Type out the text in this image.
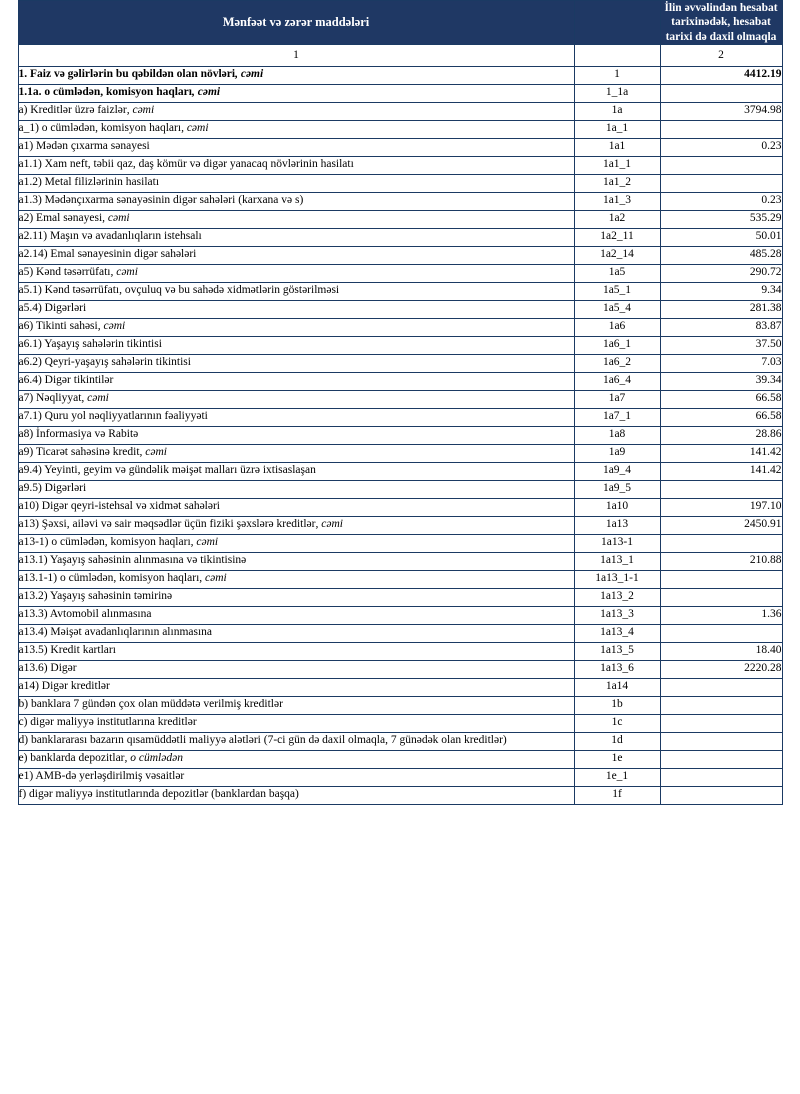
Mənfəət və zərər maddələri		İlin əvvəlindən hesabat tarixinədək, hesabat tarixi də daxil olmaqla
1		2
1. Faiz və gəlirlərin bu qəbildən olan növləri, cəmi	1	4412.19
1.1a. o cümlədən, komisyon haqları, cəmi	1_1a	
a) Kreditlər üzrə faizlər, cəmi	1a	3794.98
a_1) o cümlədən, komisyon haqları, cəmi	1a_1	
a1) Mədən çıxarma sənayesi	1a1	0.23
a1.1) Xam neft, təbii qaz, daş kömür və digər yanacaq növlərinin hasilatı	1a1_1	
a1.2) Metal filizlərinin hasilatı	1a1_2	
a1.3) Mədənçıxarma sənayəsinin digər sahələri (karxana və s)	1a1_3	0.23
a2) Emal sənayesi, cəmi	1a2	535.29
a2.11) Maşın və avadanlıqların istehsalı	1a2_11	50.01
a2.14) Emal sənayesinin digər sahələri	1a2_14	485.28
a5) Kənd təsərrüfatı, cəmi	1a5	290.72
a5.1) Kənd təsərrüfatı, ovçuluq və bu sahədə xidmətlərin göstərilməsi	1a5_1	9.34
a5.4) Digərləri	1a5_4	281.38
a6) Tikinti sahəsi, cəmi	1a6	83.87
a6.1) Yaşayış sahələrin tikintisi	1a6_1	37.50
a6.2) Qeyri-yaşayış sahələrin tikintisi	1a6_2	7.03
a6.4) Digər tikintilər	1a6_4	39.34
a7) Nəqliyyat, cəmi	1a7	66.58
a7.1) Quru yol nəqliyyatlarının fəaliyyəti	1a7_1	66.58
a8) İnformasiya və Rabitə	1a8	28.86
a9) Ticarət sahəsinə kredit, cəmi	1a9	141.42
a9.4) Yeyinti, geyim və gündəlik məişət malları üzrə ixtisaslaşan	1a9_4	141.42
a9.5) Digərləri	1a9_5	
a10) Digər qeyri-istehsal və xidmət sahələri	1a10	197.10
a13) Şəxsi, ailəvi və sair məqsədlər üçün fiziki şəxslərə kreditlər, cəmi	1a13	2450.91
a13-1) o cümlədən, komisyon haqları, cəmi	1a13-1	
a13.1) Yaşayış sahəsinin alınmasına və tikintisinə	1a13_1	210.88
a13.1-1) o cümlədən, komisyon haqları, cəmi	1a13_1-1	
a13.2) Yaşayış sahəsinin təmirinə	1a13_2	
a13.3) Avtomobil alınmasına	1a13_3	1.36
a13.4) Məişət avadanlıqlarının alınmasına	1a13_4	
a13.5) Kredit kartları	1a13_5	18.40
a13.6) Digər	1a13_6	2220.28
a14) Digər kreditlər	1a14	
b) banklara 7 gündən çox olan müddətə verilmiş kreditlər	1b	
c) digər maliyyə institutlarına kreditlər	1c	
d) banklararası bazarın qısamüddətli maliyyə alətləri (7-ci gün də daxil olmaqla, 7 günədək olan kreditlər)	1d	
e) banklarda depozitlar, o cümlədən	1e	
e1) AMB-də yerləşdirilmiş vəsaitlər	1e_1	
f) digər maliyyə institutlarında depozitlər (banklardan başqa)	1f	
